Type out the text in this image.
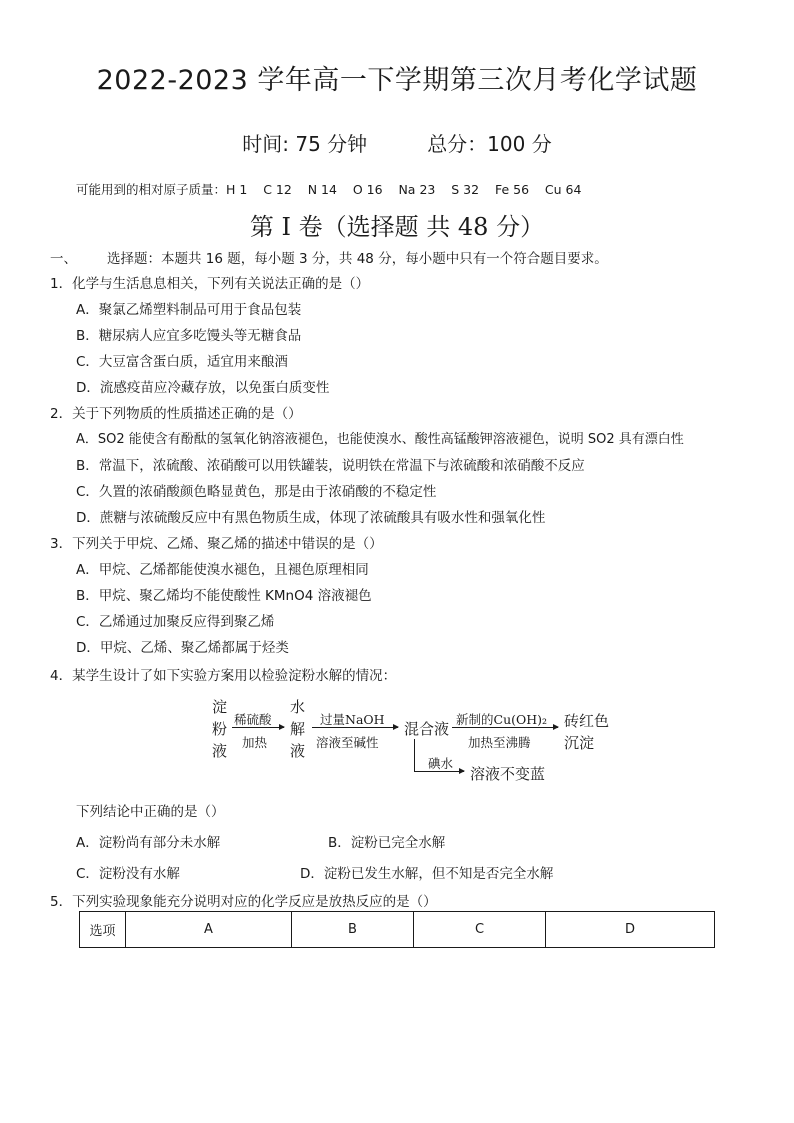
2022-2023 学年高一下学期第三次月考化学试题
时间: 75 分钟	总分：100 分
可能用到的相对原子质量：H 1    C 12    N 14    O 16    Na 23    S 32    Fe 56    Cu 64
第 I 卷（选择题 共 48 分）
一、 选择题：本题共 16 题，每小题 3 分，共 48 分，每小题中只有一个符合题目要求。
1．化学与生活息息相关，下列有关说法正确的是（）
A．聚氯乙烯塑料制品可用于食品包装
B．糖尿病人应宜多吃馒头等无糖食品
C．大豆富含蛋白质，适宜用来酿酒
D．流感疫苗应冷藏存放，以免蛋白质变性
2．关于下列物质的性质描述正确的是（）
A．SO2 能使含有酚酞的氢氧化钠溶液褪色，也能使溴水、酸性高锰酸钾溶液褪色，说明 SO2 具有漂白性
B．常温下，浓硫酸、浓硝酸可以用铁罐装，说明铁在常温下与浓硫酸和浓硝酸不反应
C．久置的浓硝酸颜色略显黄色，那是由于浓硝酸的不稳定性
D．蔗糖与浓硫酸反应中有黑色物质生成，体现了浓硫酸具有吸水性和强氧化性
3．下列关于甲烷、乙烯、聚乙烯的描述中错误的是（）
A．甲烷、乙烯都能使溴水褪色，且褪色原理相同
B．甲烷、聚乙烯均不能使酸性 KMnO4 溶液褪色
C．乙烯通过加聚反应得到聚乙烯
D．甲烷、乙烯、聚乙烯都属于烃类
4．某学生设计了如下实验方案用以检验淀粉水解的情况：
淀
粉
液
稀硫酸
加热
水
解
液
过量NaOH
溶液至碱性
混合液
新制的Cu(OH)₂
加热至沸腾
砖红色
沉淀
碘水
溶液不变蓝
下列结论中正确的是（）
A．淀粉尚有部分未水解	B．淀粉已完全水解
C．淀粉没有水解	D．淀粉已发生水解，但不知是否完全水解
5．下列实验现象能充分说明对应的化学反应是放热反应的是（）
选项	A	B	C	D
